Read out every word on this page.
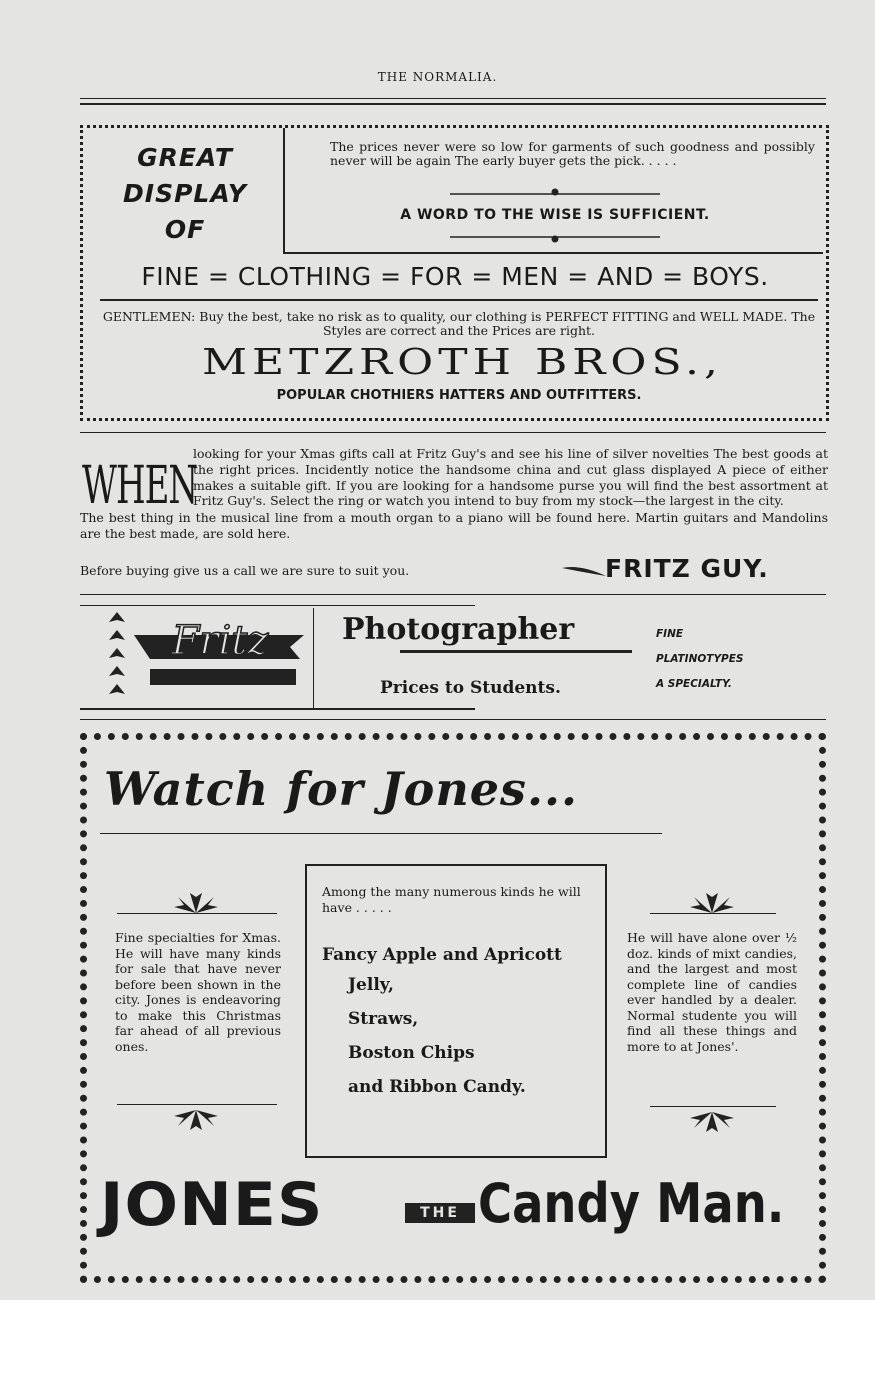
THE NORMALIA.
GREAT
DISPLAY
OF
The prices never were so low for garments of such goodness and possibly never will be again The early buyer gets the pick. . . . .
A WORD TO THE WISE IS SUFFICIENT.
FINE = CLOTHING = FOR = MEN = AND = BOYS.
GENTLEMEN: Buy the best, take no risk as to quality, our clothing is PERFECT FITTING and WELL MADE. The Styles are correct and the Prices are right.
METZROTH BROS.,
POPULAR CHOTHIERS HATTERS AND OUTFITTERS.
WHEN
looking for your Xmas gifts call at Fritz Guy's and see his line of silver novelties The best goods at the right prices. Incidently notice the handsome china and cut glass displayed A piece of either makes a suitable gift. If you are looking for a handsome purse you will find the best assortment at Fritz Guy's. Select the ring or watch you intend to buy from my stock—the largest in the city.
The best thing in the musical line from a mouth organ to a piano will be found here. Martin guitars and Mandolins are the best made, are sold here.
Before buying give us a call we are sure to suit you.	FRITZ GUY.
Fritz	Photographer
Prices to Students.
FINE
PLATINOTYPES
A SPECIALTY.
Watch for Jones...
Fine specialties for Xmas. He will have many kinds for sale that have never before been shown in the city. Jones is endeavoring to make this Christmas far ahead of all previous ones.
Among the many numerous kinds he will have . . . . .
Fancy Apple and Apricott Jelly,
Straws,
Boston Chips
and Ribbon Candy.
He will have alone over ½ doz. kinds of mixt candies, and the largest and most complete line of candies ever handled by a dealer. Normal studente you will find all these things and more to at Jones'.
JONES	THE Candy Man.
